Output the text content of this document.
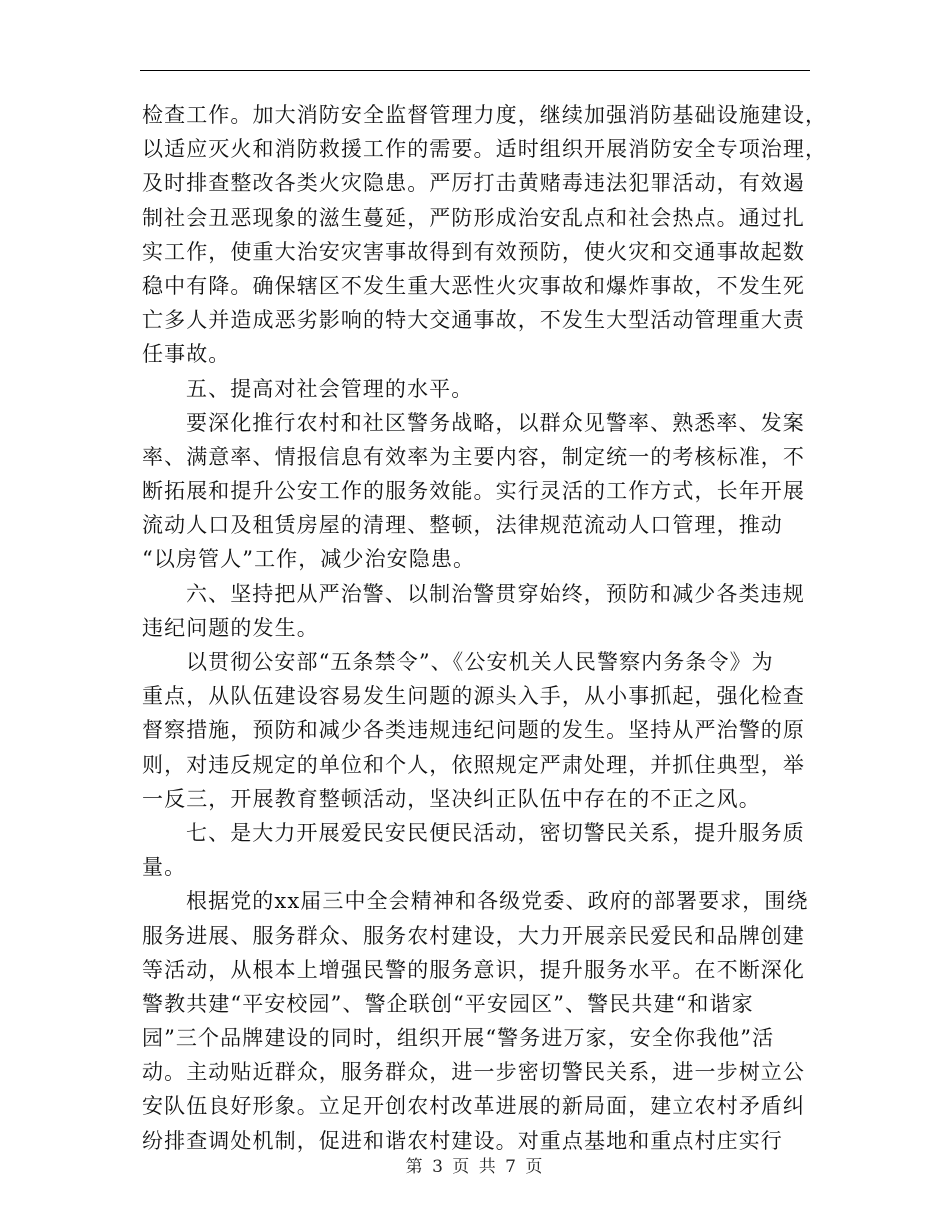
检查工作。加大消防安全监督管理力度，继续加强消防基础设施建设，
以适应灭火和消防救援工作的需要。适时组织开展消防安全专项治理，
及时排查整改各类火灾隐患。严厉打击黄赌毒违法犯罪活动，有效遏
制社会丑恶现象的滋生蔓延，严防形成治安乱点和社会热点。通过扎
实工作，使重大治安灾害事故得到有效预防，使火灾和交通事故起数
稳中有降。确保辖区不发生重大恶性火灾事故和爆炸事故，不发生死
亡多人并造成恶劣影响的特大交通事故，不发生大型活动管理重大责
任事故。
五、提高对社会管理的水平。
要深化推行农村和社区警务战略，以群众见警率、熟悉率、发案
率、满意率、情报信息有效率为主要内容，制定统一的考核标准，不
断拓展和提升公安工作的服务效能。实行灵活的工作方式，长年开展
流动人口及租赁房屋的清理、整顿，法律规范流动人口管理，推动
“以房管人”工作，减少治安隐患。
六、坚持把从严治警、以制治警贯穿始终，预防和减少各类违规
违纪问题的发生。
以贯彻公安部“五条禁令”、《公安机关人民警察内务条令》为
重点，从队伍建设容易发生问题的源头入手，从小事抓起，强化检查
督察措施，预防和减少各类违规违纪问题的发生。坚持从严治警的原
则，对违反规定的单位和个人，依照规定严肃处理，并抓住典型，举
一反三，开展教育整顿活动，坚决纠正队伍中存在的不正之风。
七、是大力开展爱民安民便民活动，密切警民关系，提升服务质
量。
根据党的xx届三中全会精神和各级党委、政府的部署要求，围绕
服务进展、服务群众、服务农村建设，大力开展亲民爱民和品牌创建
等活动，从根本上增强民警的服务意识，提升服务水平。在不断深化
警教共建“平安校园”、警企联创“平安园区”、警民共建“和谐家
园”三个品牌建设的同时，组织开展“警务进万家，安全你我他”活
动。主动贴近群众，服务群众，进一步密切警民关系，进一步树立公
安队伍良好形象。立足开创农村改革进展的新局面，建立农村矛盾纠
纷排查调处机制，促进和谐农村建设。对重点基地和重点村庄实行
第 3 页 共 7 页
